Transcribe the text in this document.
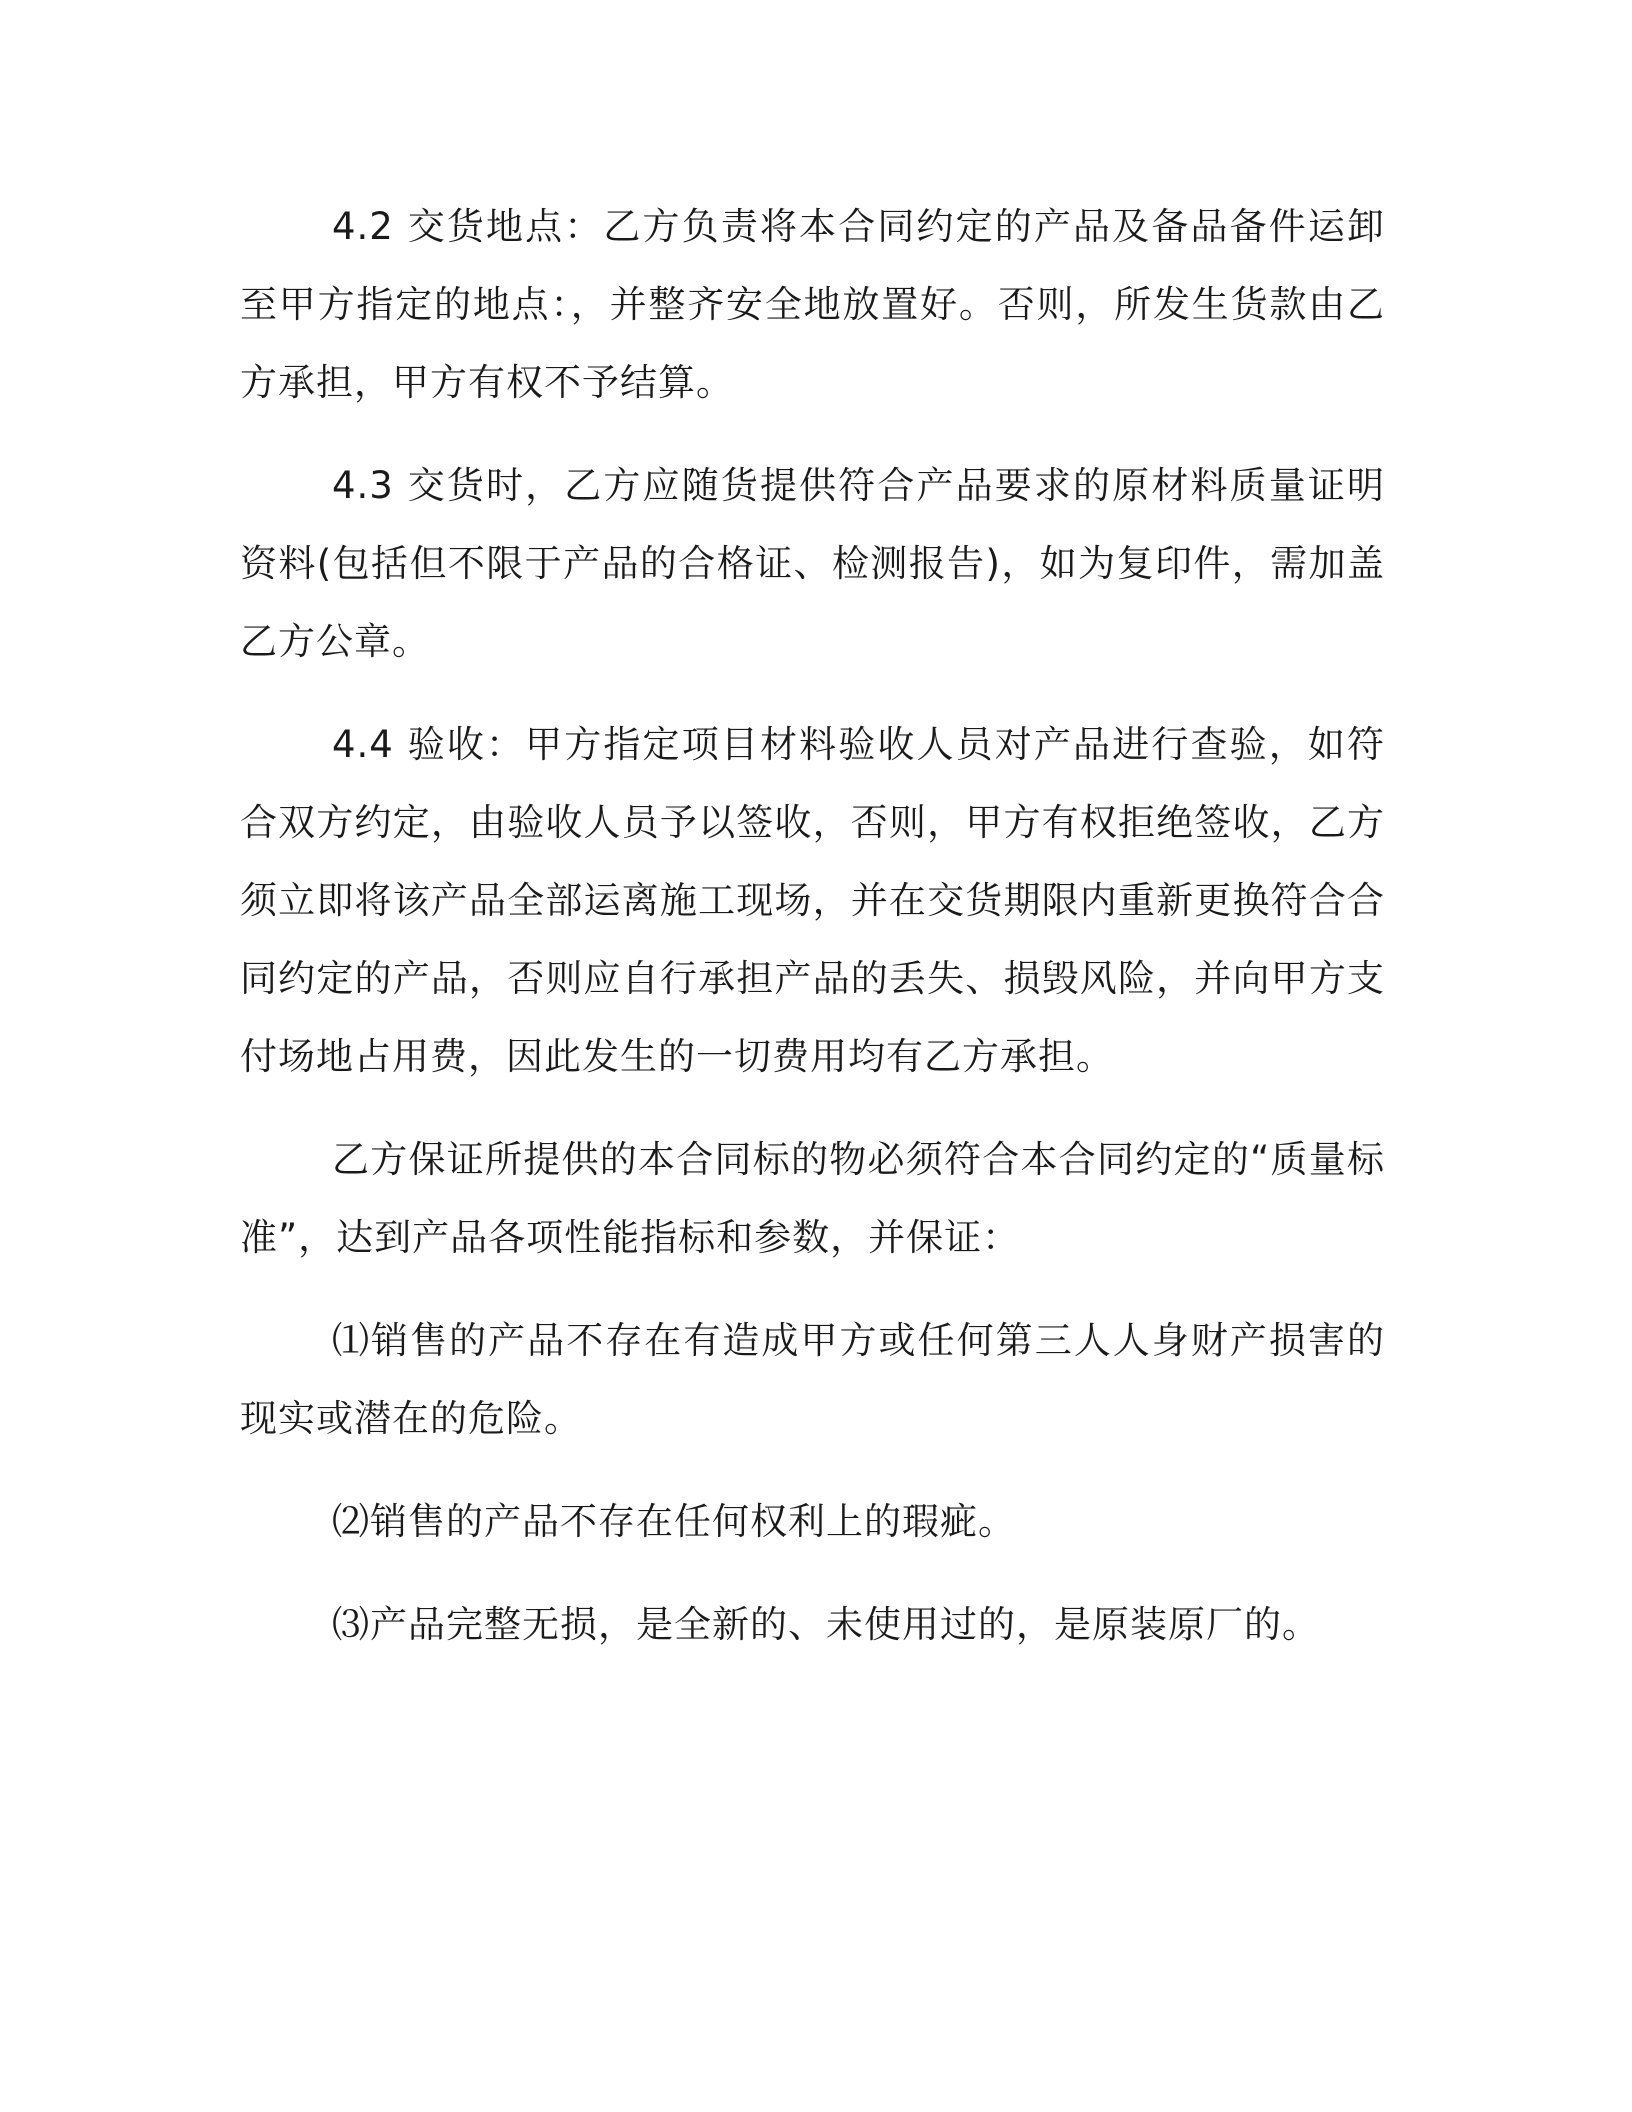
4.2 交货地点：乙方负责将本合同约定的产品及备品备件运卸至甲方指定的地点：，并整齐安全地放置好。否则，所发生货款由乙方承担，甲方有权不予结算。

4.3 交货时，乙方应随货提供符合产品要求的原材料质量证明资料(包括但不限于产品的合格证、检测报告)，如为复印件，需加盖乙方公章。

4.4 验收：甲方指定项目材料验收人员对产品进行查验，如符合双方约定，由验收人员予以签收，否则，甲方有权拒绝签收，乙方须立即将该产品全部运离施工现场，并在交货期限内重新更换符合合同约定的产品，否则应自行承担产品的丢失、损毁风险，并向甲方支付场地占用费，因此发生的一切费用均有乙方承担。

乙方保证所提供的本合同标的物必须符合本合同约定的“质量标准”，达到产品各项性能指标和参数，并保证：

⑴销售的产品不存在有造成甲方或任何第三人人身财产损害的现实或潜在的危险。

⑵销售的产品不存在任何权利上的瑕疵。

⑶产品完整无损，是全新的、未使用过的，是原装原厂的。
